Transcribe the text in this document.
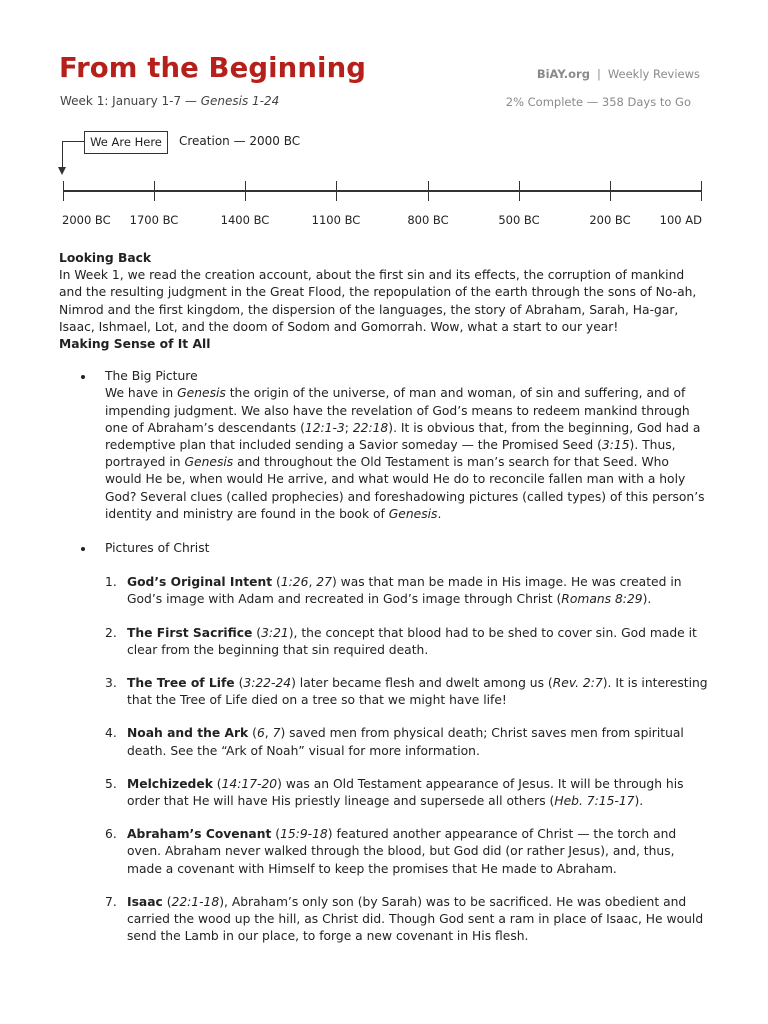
From the Beginning	BiAY.org | Weekly Reviews
Week 1: January 1-7 — Genesis 1-24	2% Complete — 358 Days to Go
We Are Here	Creation — 2000 BC
2000 BC 1700 BC	1400 BC	1100 BC	800 BC	500 BC	200 BC	100 AD
Looking Back

In Week 1, we read the creation account, about the first sin and its effects, the corruption of mankind and the resulting judgment in the Great Flood, the repopulation of the earth through the sons of No-ah, Nimrod and the first kingdom, the dispersion of the languages, the story of Abraham, Sarah, Ha-gar, Isaac, Ishmael, Lot, and the doom of Sodom and Gomorrah. Wow, what a start to our year!

Making Sense of It All
The Big Picture

We have in Genesis the origin of the universe, of man and woman, of sin and suffering, and of impending judgment. We also have the revelation of God’s means to redeem mankind through one of Abraham’s descendants (12:1-3; 22:18). It is obvious that, from the beginning, God had a redemptive plan that included sending a Savior someday — the Promised Seed (3:15). Thus, portrayed in Genesis and throughout the Old Testament is man’s search for that Seed. Who would He be, when would He arrive, and what would He do to reconcile fallen man with a holy God? Several clues (called prophecies) and foreshadowing pictures (called types) of this person’s identity and ministry are found in the book of Genesis.

Pictures of Christ
1. God’s Original Intent (1:26, 27) was that man be made in His image. He was created in God’s image with Adam and recreated in God’s image through Christ (Romans 8:29).
2. The First Sacrifice (3:21), the concept that blood had to be shed to cover sin. God made it clear from the beginning that sin required death.
3. The Tree of Life (3:22-24) later became flesh and dwelt among us (Rev. 2:7). It is interesting that the Tree of Life died on a tree so that we might have life!
4. Noah and the Ark (6, 7) saved men from physical death; Christ saves men from spiritual death. See the “Ark of Noah” visual for more information.
5. Melchizedek (14:17-20) was an Old Testament appearance of Jesus. It will be through his order that He will have His priestly lineage and supersede all others (Heb. 7:15-17).
6. Abraham’s Covenant (15:9-18) featured another appearance of Christ — the torch and oven. Abraham never walked through the blood, but God did (or rather Jesus), and, thus, made a covenant with Himself to keep the promises that He made to Abraham.
7. Isaac (22:1-18), Abraham’s only son (by Sarah) was to be sacrificed. He was obedient and carried the wood up the hill, as Christ did. Though God sent a ram in place of Isaac, He would send the Lamb in our place, to forge a new covenant in His flesh.
